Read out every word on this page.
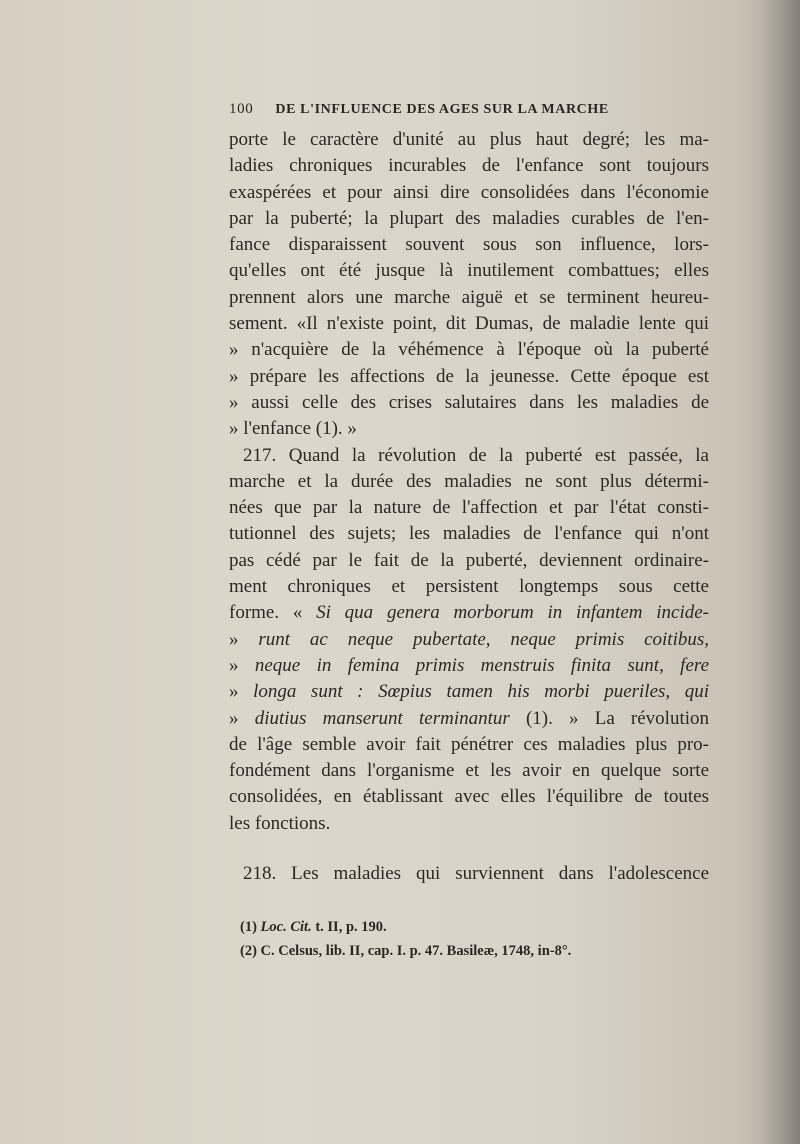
100 DE L'INFLUENCE DES AGES SUR LA MARCHE
porte le caractère d'unité au plus haut degré; les ma-
ladies chroniques incurables de l'enfance sont toujours
exaspérées et pour ainsi dire consolidées dans l'économie
par la puberté; la plupart des maladies curables de l'en-
fance disparaissent souvent sous son influence, lors-
qu'elles ont été jusque là inutilement combattues; elles
prennent alors une marche aiguë et se terminent heureu-
sement. «Il n'existe point, dit Dumas, de maladie lente qui
» n'acquière de la véhémence à l'époque où la puberté
» prépare les affections de la jeunesse. Cette époque est
» aussi celle des crises salutaires dans les maladies de
» l'enfance (1). »
217. Quand la révolution de la puberté est passée, la
marche et la durée des maladies ne sont plus détermi-
nées que par la nature de l'affection et par l'état consti-
tutionnel des sujets; les maladies de l'enfance qui n'ont
pas cédé par le fait de la puberté, deviennent ordinaire-
ment chroniques et persistent longtemps sous cette
forme. « Si qua genera morborum in infantem incide-
» runt ac neque pubertate, neque primis coitibus,
» neque in femina primis menstruis finita sunt, fere
» longa sunt : Sœpius tamen his morbi pueriles, qui
» diutius manserunt terminantur (1). » La révolution
de l'âge semble avoir fait pénétrer ces maladies plus pro-
fondément dans l'organisme et les avoir en quelque sorte
consolidées, en établissant avec elles l'équilibre de toutes
les fonctions.
218. Les maladies qui surviennent dans l'adolescence
(1) Loc. Cit. t. II, p. 190.
(2) C. Celsus, lib. II, cap. I. p. 47. Basileæ, 1748, in-8°.
